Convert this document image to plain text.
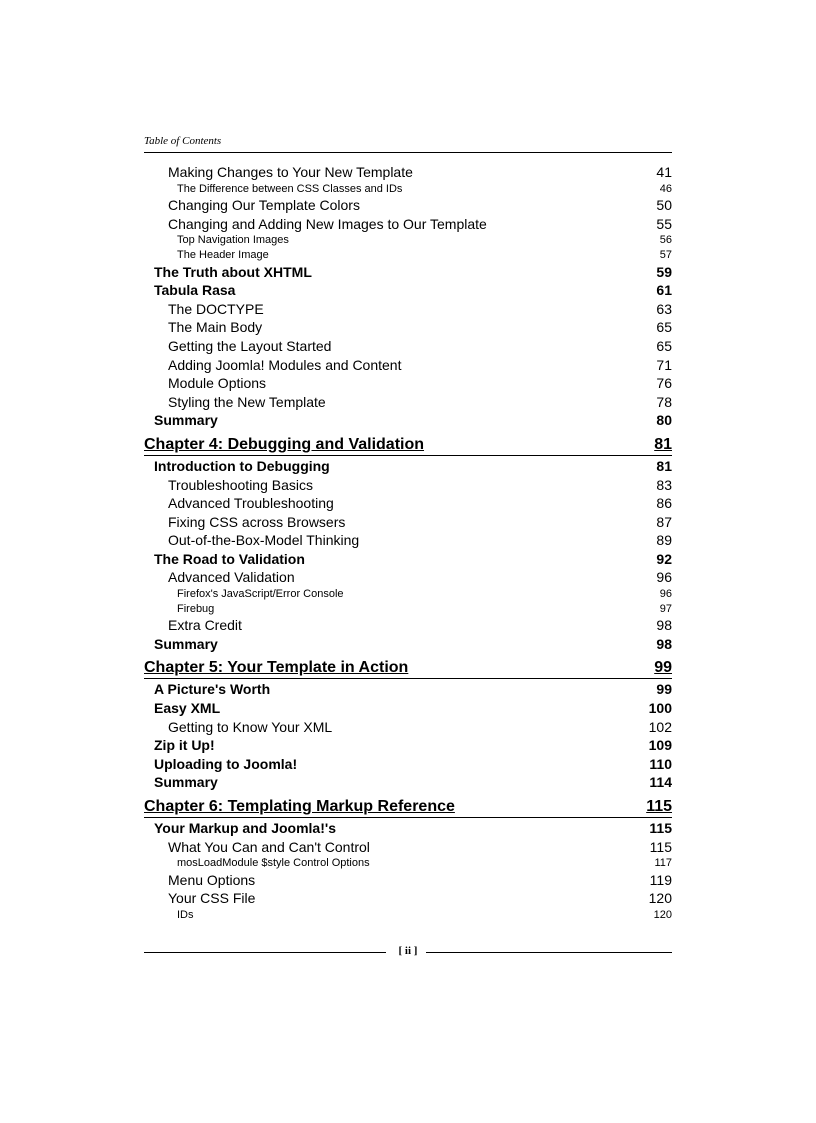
Table of Contents
Making Changes to Your New Template	41
The Difference between CSS Classes and IDs	46
Changing Our Template Colors	50
Changing and Adding New Images to Our Template	55
Top Navigation Images	56
The Header Image	57
The Truth about XHTML	59
Tabula Rasa	61
The DOCTYPE	63
The Main Body	65
Getting the Layout Started	65
Adding Joomla! Modules and Content	71
Module Options	76
Styling the New Template	78
Summary	80
Chapter 4: Debugging and Validation	81
Introduction to Debugging	81
Troubleshooting Basics	83
Advanced Troubleshooting	86
Fixing CSS across Browsers	87
Out-of-the-Box-Model Thinking	89
The Road to Validation	92
Advanced Validation	96
Firefox's JavaScript/Error Console	96
Firebug	97
Extra Credit	98
Summary	98
Chapter 5: Your Template in Action	99
A Picture's Worth	99
Easy XML	100
Getting to Know Your XML	102
Zip it Up!	109
Uploading to Joomla!	110
Summary	114
Chapter 6: Templating Markup Reference	115
Your Markup and Joomla!'s	115
What You Can and Can't Control	115
mosLoadModule $style Control Options	117
Menu Options	119
Your CSS File	120
IDs	120
[ ii ]
